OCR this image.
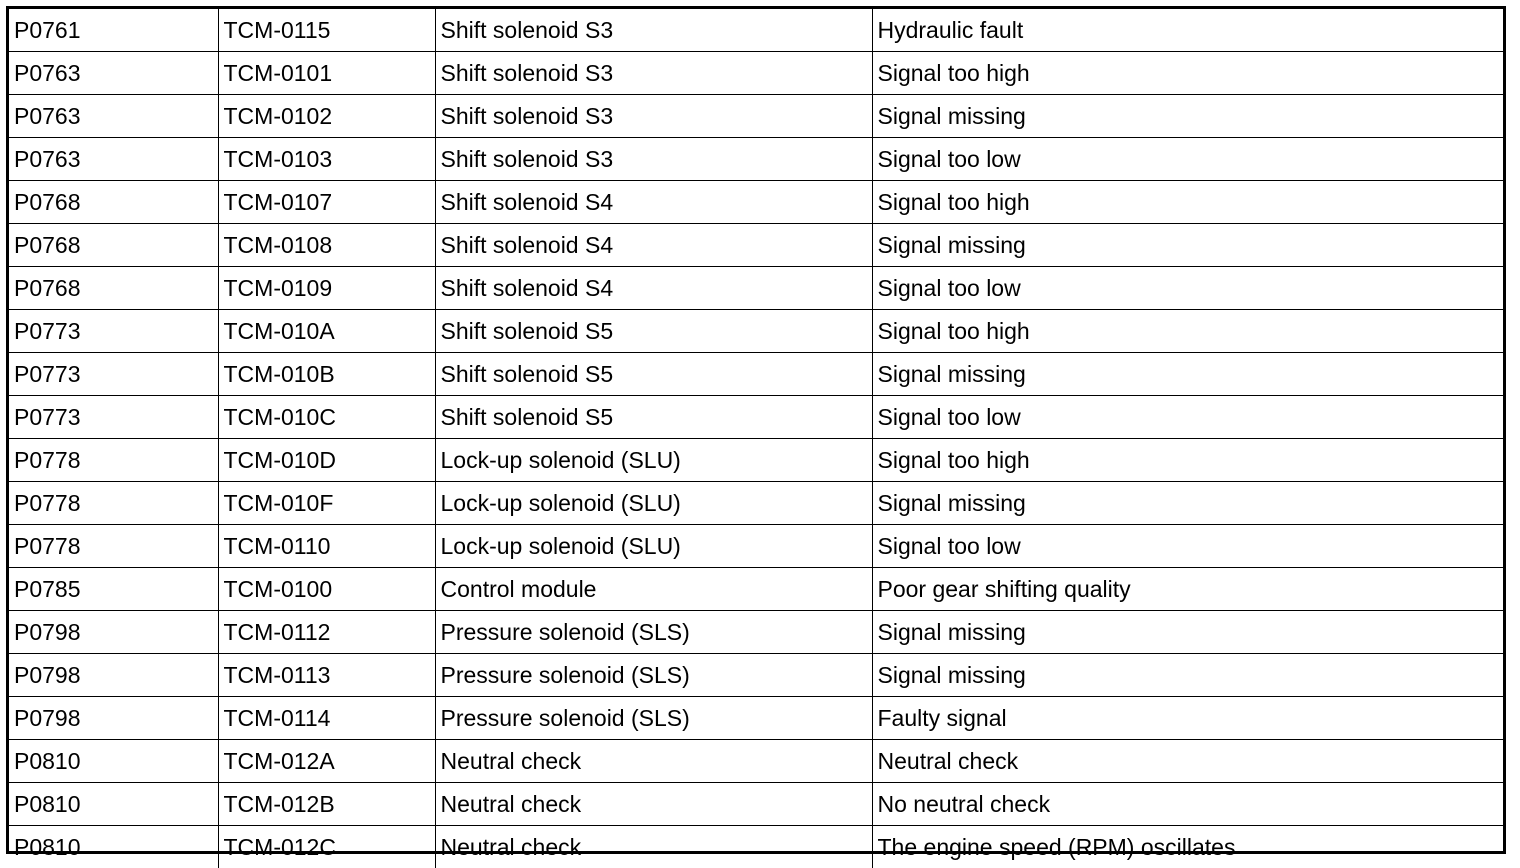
P0761	TCM-0115	Shift solenoid S3	Hydraulic fault
P0763	TCM-0101	Shift solenoid S3	Signal too high
P0763	TCM-0102	Shift solenoid S3	Signal missing
P0763	TCM-0103	Shift solenoid S3	Signal too low
P0768	TCM-0107	Shift solenoid S4	Signal too high
P0768	TCM-0108	Shift solenoid S4	Signal missing
P0768	TCM-0109	Shift solenoid S4	Signal too low
P0773	TCM-010A	Shift solenoid S5	Signal too high
P0773	TCM-010B	Shift solenoid S5	Signal missing
P0773	TCM-010C	Shift solenoid S5	Signal too low
P0778	TCM-010D	Lock-up solenoid (SLU)	Signal too high
P0778	TCM-010F	Lock-up solenoid (SLU)	Signal missing
P0778	TCM-0110	Lock-up solenoid (SLU)	Signal too low
P0785	TCM-0100	Control module	Poor gear shifting quality
P0798	TCM-0112	Pressure solenoid (SLS)	Signal missing
P0798	TCM-0113	Pressure solenoid (SLS)	Signal missing
P0798	TCM-0114	Pressure solenoid (SLS)	Faulty signal
P0810	TCM-012A	Neutral check	Neutral check
P0810	TCM-012B	Neutral check	No neutral check
P0810	TCM-012C	Neutral check	The engine speed (RPM) oscillates
